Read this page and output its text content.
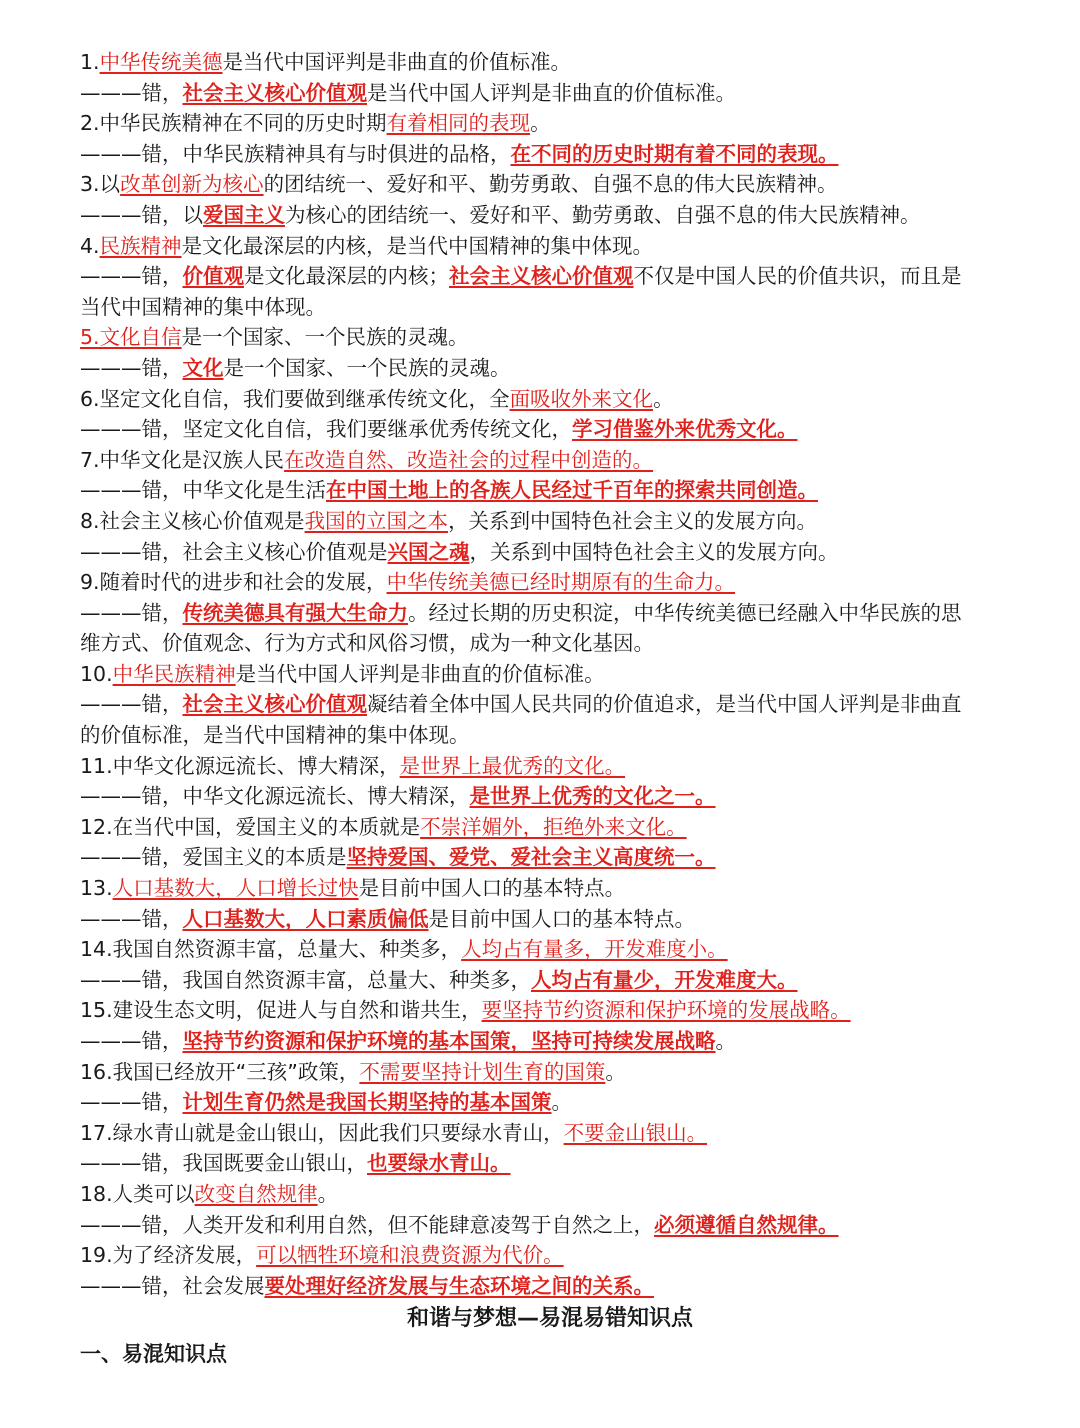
1.中华传统美德是当代中国评判是非曲直的价值标准。
———错，社会主义核心价值观是当代中国人评判是非曲直的价值标准。
2.中华民族精神在不同的历史时期有着相同的表现。
———错，中华民族精神具有与时俱进的品格，在不同的历史时期有着不同的表现。
3.以改革创新为核心的团结统一、爱好和平、勤劳勇敢、自强不息的伟大民族精神。
———错，以爱国主义为核心的团结统一、爱好和平、勤劳勇敢、自强不息的伟大民族精神。
4.民族精神是文化最深层的内核，是当代中国精神的集中体现。
———错，价值观是文化最深层的内核；社会主义核心价值观不仅是中国人民的价值共识，而且是
当代中国精神的集中体现。
5.文化自信是一个国家、一个民族的灵魂。
———错，文化是一个国家、一个民族的灵魂。
6.坚定文化自信，我们要做到继承传统文化，全面吸收外来文化。
———错，坚定文化自信，我们要继承优秀传统文化，学习借鉴外来优秀文化。
7.中华文化是汉族人民在改造自然、改造社会的过程中创造的。
———错，中华文化是生活在中国土地上的各族人民经过千百年的探索共同创造。
8.社会主义核心价值观是我国的立国之本，关系到中国特色社会主义的发展方向。
———错，社会主义核心价值观是兴国之魂，关系到中国特色社会主义的发展方向。
9.随着时代的进步和社会的发展，中华传统美德已经时期原有的生命力。
———错，传统美德具有强大生命力。经过长期的历史积淀，中华传统美德已经融入中华民族的思
维方式、价值观念、行为方式和风俗习惯，成为一种文化基因。
10.中华民族精神是当代中国人评判是非曲直的价值标准。
———错，社会主义核心价值观凝结着全体中国人民共同的价值追求，是当代中国人评判是非曲直
的价值标准，是当代中国精神的集中体现。
11.中华文化源远流长、博大精深，是世界上最优秀的文化。
———错，中华文化源远流长、博大精深，是世界上优秀的文化之一。
12.在当代中国，爱国主义的本质就是不崇洋媚外，拒绝外来文化。
———错，爱国主义的本质是坚持爱国、爱党、爱社会主义高度统一。
13.人口基数大，人口增长过快是目前中国人口的基本特点。
———错，人口基数大，人口素质偏低是目前中国人口的基本特点。
14.我国自然资源丰富，总量大、种类多，人均占有量多，开发难度小。
———错，我国自然资源丰富，总量大、种类多，人均占有量少，开发难度大。
15.建设生态文明，促进人与自然和谐共生，要坚持节约资源和保护环境的发展战略。
———错，坚持节约资源和保护环境的基本国策，坚持可持续发展战略。
16.我国已经放开“三孩”政策，不需要坚持计划生育的国策。
———错，计划生育仍然是我国长期坚持的基本国策。
17.绿水青山就是金山银山，因此我们只要绿水青山，不要金山银山。
———错，我国既要金山银山，也要绿水青山。
18.人类可以改变自然规律。
———错，人类开发和利用自然，但不能肆意凌驾于自然之上，必须遵循自然规律。
19.为了经济发展，可以牺牲环境和浪费资源为代价。
———错，社会发展要处理好经济发展与生态环境之间的关系。
和谐与梦想—易混易错知识点
一、易混知识点
